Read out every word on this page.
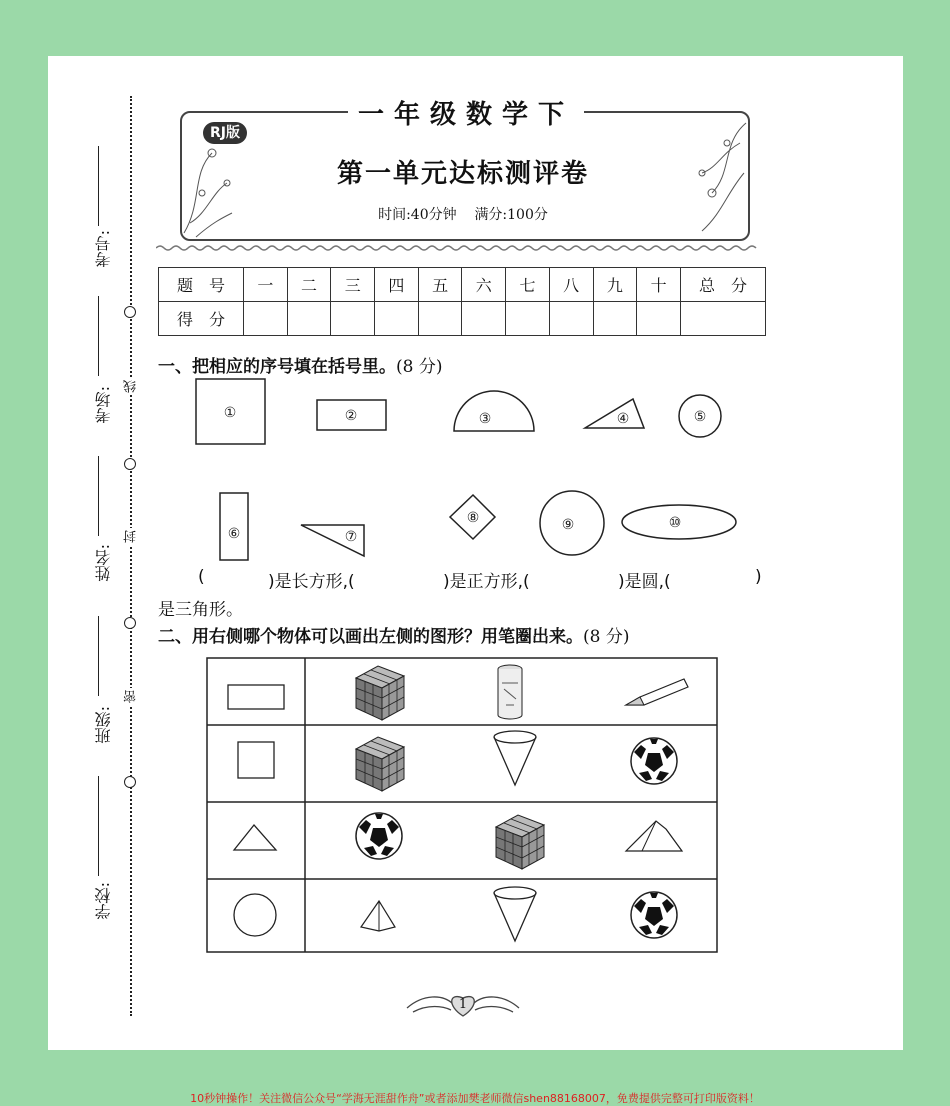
线
封
密
考号:
考场:
姓名:
班级:
学校:
一年级数学下
RJ版
第一单元达标测评卷
时间:40分钟 满分:100分
题　号	一	二	三	四	五	六	七	八	九	十	总　分
得　分											
一、把相应的序号填在括号里。(8 分)
①	②	③	④	⑤
⑥	⑦
⑧	⑨	⑩
(	)是长方形,(	)是正方形,(	)是圆,(	)
是三角形。
二、用右侧哪个物体可以画出左侧的图形？用笔圈出来。(8 分)
1
10秒钟操作！关注微信公众号“学海无涯甜作舟”或者添加樊老师微信shen88168007，免费提供完整可打印版资料！
